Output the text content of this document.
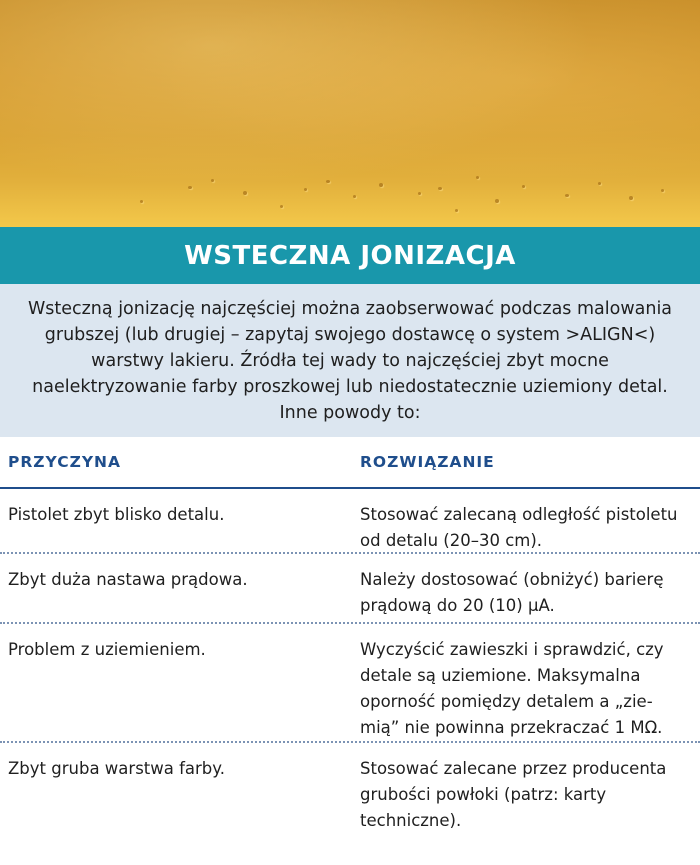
WSTECZNA JONIZACJA

Wsteczną jonizację najczęściej można zaobserwować podczas malowania grubszej (lub drugiej – zapytaj swojego dostawcę o system >ALIGN<) warstwy lakieru. Źródła tej wady to najczęściej zbyt mocne naelektryzowanie farby proszkowej lub niedostatecznie uziemiony detal. Inne powody to:

PRZYCZYNA	ROZWIĄZANIE
Pistolet zbyt blisko detalu.	Stosować zalecaną odległość pistoletu od detalu (20–30 cm).
Zbyt duża nastawa prądowa.	Należy dostosować (obniżyć) barierę prądową do 20 (10) μA.
Problem z uziemieniem.	Wyczyścić zawieszki i sprawdzić, czy detale są uziemione. Maksymalna oporność pomiędzy detalem a „zie-mią” nie powinna przekraczać 1 MΩ.
Zbyt gruba warstwa farby.	Stosować zalecane przez producenta grubości powłoki (patrz: karty techniczne).
